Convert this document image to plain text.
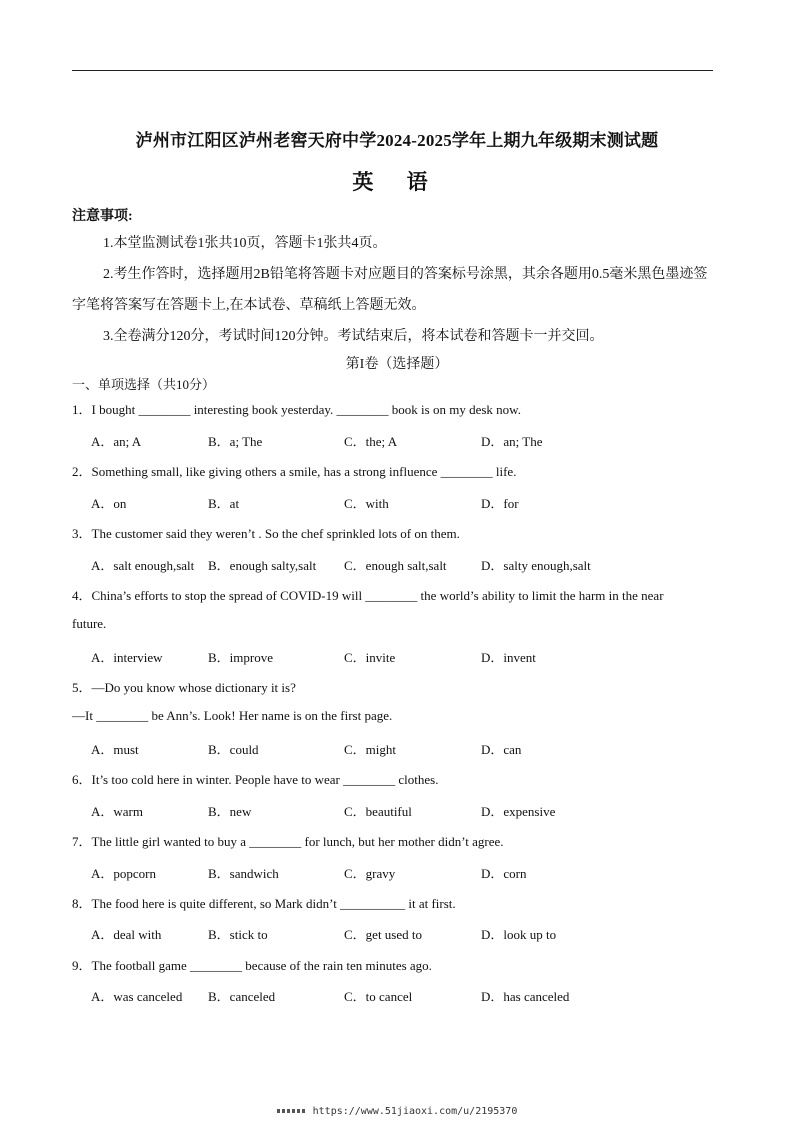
泸州市江阳区泸州老窖天府中学2024-2025学年上期九年级期末测试题
英 语
注意事项:
1.本堂监测试卷1张共10页，答题卡1张共4页。
2.考生作答时，选择题用2B铅笔将答题卡对应题目的答案标号涂黑，其余各题用0.5毫米黑色墨迹签字笔将答案写在答题卡上,在本试卷、草稿纸上答题无效。
3.全卷满分120分，考试时间120分钟。考试结束后，将本试卷和答题卡一并交回。
第I卷（选择题）
一、单项选择（共10分）
1．I bought ________ interesting book yesterday. ________ book is on my desk now.
A．an; A	B．a; The	C．the; A	D．an; The
2．Something small, like giving others a smile, has a strong influence ________ life.
A．on	B．at	C．with	D．for
3．The customer said they weren’t . So the chef sprinkled lots of on them.
A．salt enough,salt B．enough salty,salt C．enough salt,salt	D．salty enough,salt
4．China’s efforts to stop the spread of COVID-19 will ________ the world’s ability to limit the harm in the near
future.
A．interview	B．improve	C．invite	D．invent
5．—Do you know whose dictionary it is?
—It ________ be Ann’s. Look! Her name is on the first page.
A．must	B．could	C．might	D．can
6．It’s too cold here in winter. People have to wear ________ clothes.
A．warm	B．new	C．beautiful	D．expensive
7．The little girl wanted to buy a ________ for lunch, but her mother didn’t agree.
A．popcorn	B．sandwich	C．gravy	D．corn
8．The food here is quite different, so Mark didn’t __________ it at first.
A．deal with	B．stick to	C．get used to	D．look up to
9．The football game ________ because of the rain ten minutes ago.
A．was canceled B．canceled	C．to cancel	D．has canceled
https://www.51jiaoxi.com/u/2195370
